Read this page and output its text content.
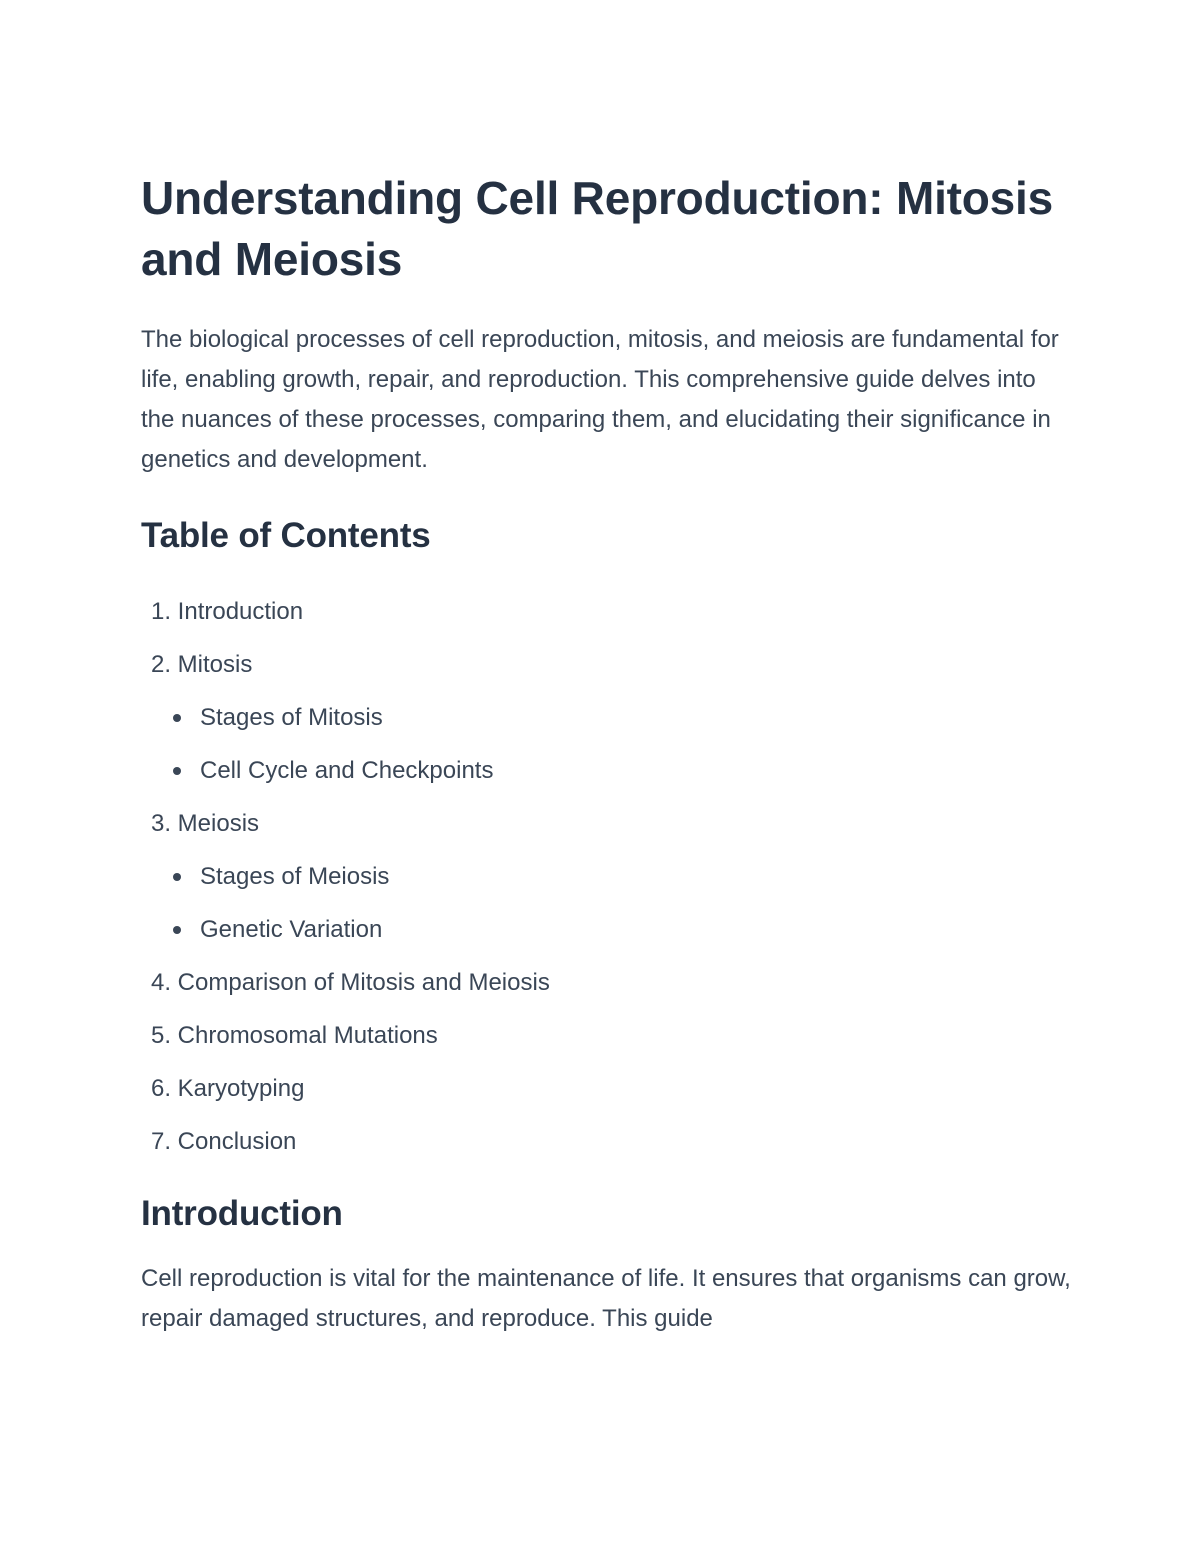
Understanding Cell Reproduction: Mitosis and Meiosis

The biological processes of cell reproduction, mitosis, and meiosis are fundamental for life, enabling growth, repair, and reproduction. This comprehensive guide delves into the nuances of these processes, comparing them, and elucidating their significance in genetics and development.

Table of Contents
1. Introduction
2. Mitosis
Stages of Mitosis
Cell Cycle and Checkpoints
3. Meiosis
Stages of Meiosis
Genetic Variation
4. Comparison of Mitosis and Meiosis
5. Chromosomal Mutations
6. Karyotyping
7. Conclusion
Introduction

Cell reproduction is vital for the maintenance of life. It ensures that organisms can grow, repair damaged structures, and reproduce. This guide
